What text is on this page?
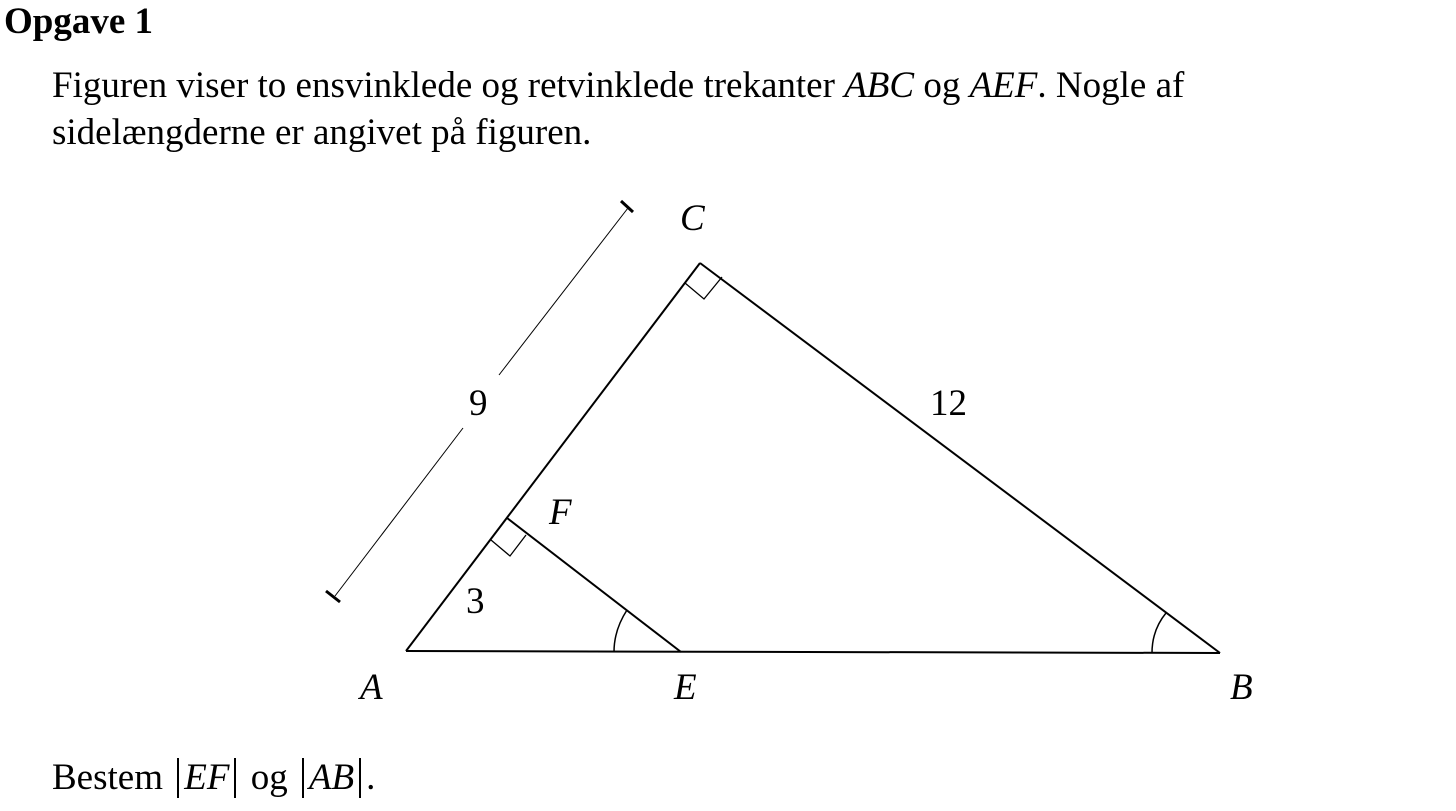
Opgave 1

Figuren viser to ensvinklede og retvinklede trekanter ABC og AEF. Nogle af sidelængderne er angivet på figuren.

9	12
3
C
F
A	E	B

Bestem EF og AB .
